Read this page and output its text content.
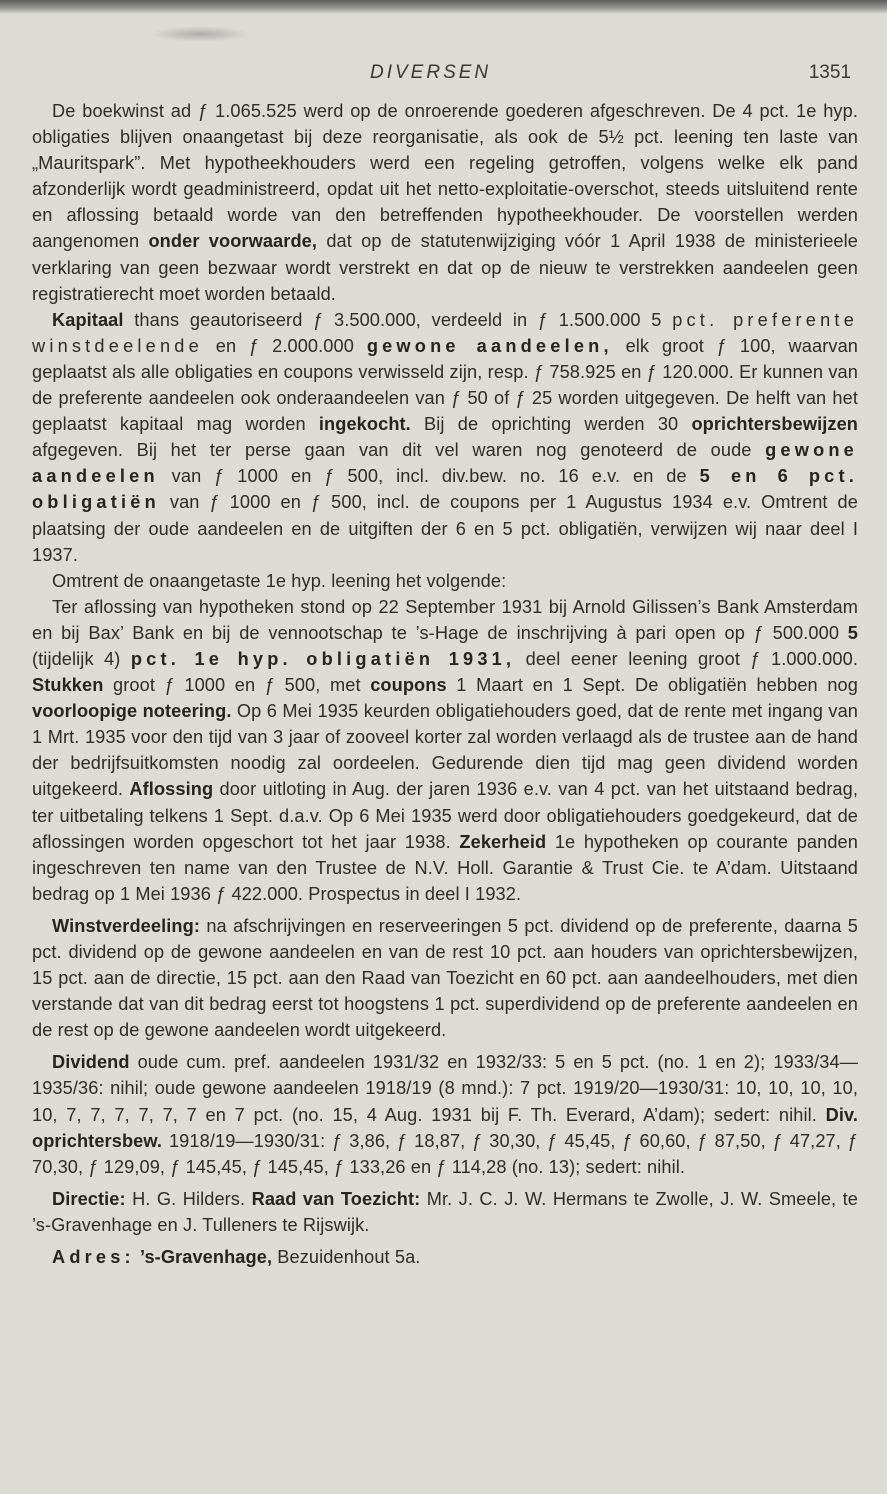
DIVERSEN	1351

De boekwinst ad ƒ 1.065.525 werd op de onroerende goederen afgeschreven. De 4 pct. 1e hyp. obligaties blijven onaangetast bij deze reorganisatie, als ook de 5½ pct. leening ten laste van „Mauritspark”. Met hypotheekhouders werd een regeling getroffen, volgens welke elk pand afzonderlijk wordt geadministreerd, opdat uit het netto-exploitatie-overschot, steeds uitsluitend rente en aflossing betaald worde van den betreffenden hypotheekhouder. De voorstellen werden aangenomen onder voorwaarde, dat op de statutenwijziging vóór 1 April 1938 de ministerieele verklaring van geen bezwaar wordt verstrekt en dat op de nieuw te verstrekken aandeelen geen registratierecht moet worden betaald.

Kapitaal thans geautoriseerd ƒ 3.500.000, verdeeld in ƒ 1.500.000 5 pct. preferente winstdeelende en ƒ 2.000.000 gewone aandeelen, elk groot ƒ 100, waarvan geplaatst als alle obligaties en coupons verwisseld zijn, resp. ƒ 758.925 en ƒ 120.000. Er kunnen van de preferente aandeelen ook onderaandeelen van ƒ 50 of ƒ 25 worden uitgegeven. De helft van het geplaatst kapitaal mag worden ingekocht. Bij de oprichting werden 30 oprichtersbewijzen afgegeven. Bij het ter perse gaan van dit vel waren nog genoteerd de oude gewone aandeelen van ƒ 1000 en ƒ 500, incl. div.bew. no. 16 e.v. en de 5 en 6 pct. obligatiën van ƒ 1000 en ƒ 500, incl. de coupons per 1 Augustus 1934 e.v. Omtrent de plaatsing der oude aandeelen en de uitgiften der 6 en 5 pct. obligatiën, verwijzen wij naar deel I 1937.

Omtrent de onaangetaste 1e hyp. leening het volgende:

Ter aflossing van hypotheken stond op 22 September 1931 bij Arnold Gilissen’s Bank Amsterdam en bij Bax’ Bank en bij de vennootschap te ’s-Hage de inschrijving à pari open op ƒ 500.000 5 (tijdelijk 4) pct. 1e hyp. obligatiën 1931, deel eener leening groot ƒ 1.000.000. Stukken groot ƒ 1000 en ƒ 500, met coupons 1 Maart en 1 Sept. De obligatiën hebben nog voorloopige noteering. Op 6 Mei 1935 keurden obligatiehouders goed, dat de rente met ingang van 1 Mrt. 1935 voor den tijd van 3 jaar of zooveel korter zal worden verlaagd als de trustee aan de hand der bedrijfsuitkomsten noodig zal oordeelen. Gedurende dien tijd mag geen dividend worden uitgekeerd. Aflossing door uitloting in Aug. der jaren 1936 e.v. van 4 pct. van het uitstaand bedrag, ter uitbetaling telkens 1 Sept. d.a.v. Op 6 Mei 1935 werd door obligatiehouders goedgekeurd, dat de aflossingen worden opgeschort tot het jaar 1938. Zekerheid 1e hypotheken op courante panden ingeschreven ten name van den Trustee de N.V. Holl. Garantie & Trust Cie. te A’dam. Uitstaand bedrag op 1 Mei 1936 ƒ 422.000. Prospectus in deel I 1932.

Winstverdeeling: na afschrijvingen en reserveeringen 5 pct. dividend op de preferente, daarna 5 pct. dividend op de gewone aandeelen en van de rest 10 pct. aan houders van oprichtersbewijzen, 15 pct. aan de directie, 15 pct. aan den Raad van Toezicht en 60 pct. aan aandeelhouders, met dien verstande dat van dit bedrag eerst tot hoogstens 1 pct. superdividend op de preferente aandeelen en de rest op de gewone aandeelen wordt uitgekeerd.

Dividend oude cum. pref. aandeelen 1931/32 en 1932/33: 5 en 5 pct. (no. 1 en 2); 1933/34—1935/36: nihil; oude gewone aandeelen 1918/19 (8 mnd.): 7 pct. 1919/20—1930/31: 10, 10, 10, 10, 10, 7, 7, 7, 7, 7, 7 en 7 pct. (no. 15, 4 Aug. 1931 bij F. Th. Everard, A’dam); sedert: nihil. Div. oprichtersbew. 1918/19—1930/31: ƒ 3,86, ƒ 18,87, ƒ 30,30, ƒ 45,45, ƒ 60,60, ƒ 87,50, ƒ 47,27, ƒ 70,30, ƒ 129,09, ƒ 145,45, ƒ 145,45, ƒ 133,26 en ƒ 114,28 (no. 13); sedert: nihil.

Directie: H. G. Hilders. Raad van Toezicht: Mr. J. C. J. W. Hermans te Zwolle, J. W. Smeele, te ’s-Gravenhage en J. Tulleners te Rijswijk.

Adres: ’s-Gravenhage, Bezuidenhout 5a.
